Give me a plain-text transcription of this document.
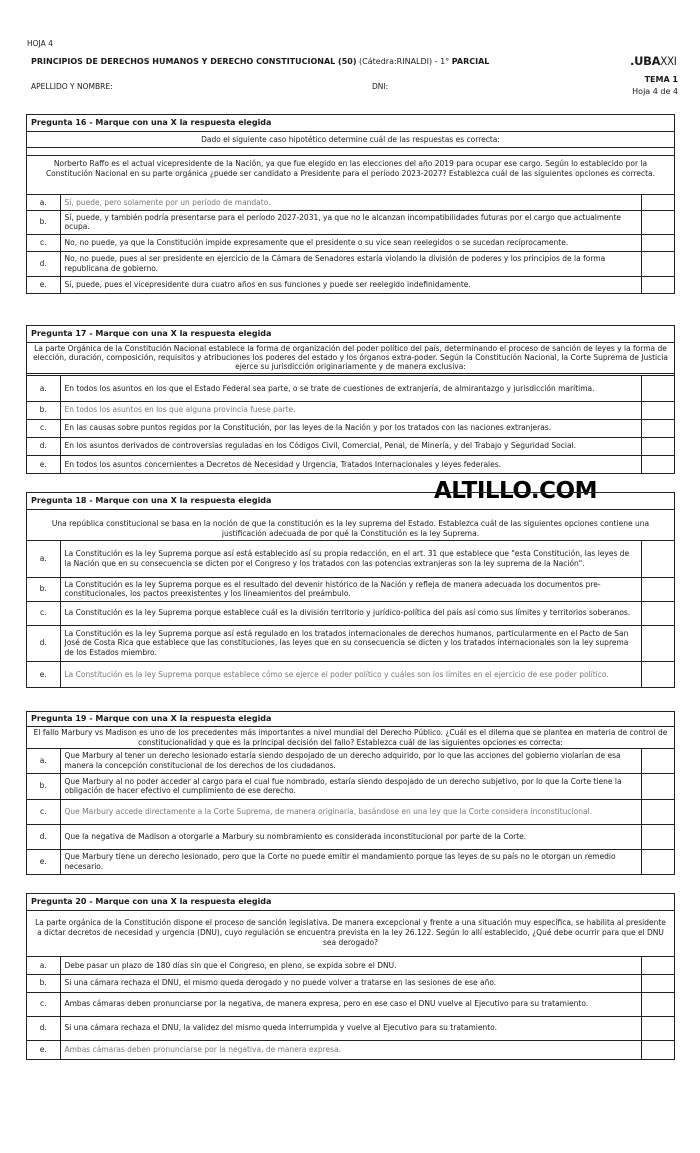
HOJA 4
PRINCIPIOS DE DERECHOS HUMANOS Y DERECHO CONSTITUCIONAL (50) (Cátedra:RINALDI) - 1° PARCIAL	.UBAXXI
TEMA 1
Hoja 4 de 4
APELLIDO Y NOMBRE:	DNI:
Pregunta 16 - Marque con una X la respuesta elegida
Dado el siguiente caso hipotético determine cuál de las respuestas es correcta:
Norberto Raffo es el actual vicepresidente de la Nación, ya que fue elegido en las elecciones del año 2019 para ocupar ese cargo. Según lo establecido por la Constitución Nacional en su parte orgánica ¿puede ser candidato a Presidente para el período 2023-2027? Establezca cuál de las siguientes opciones es correcta.
a.	Sí, puede, pero solamente por un período de mandato.	
b.	Sí, puede, y también podría presentarse para el período 2027-2031, ya que no le alcanzan incompatibilidades futuras por el cargo que actualmente ocupa.	
c.	No, no puede, ya que la Constitución impide expresamente que el presidente o su vice sean reelegidos o se sucedan recíprocamente.	
d.	No, no puede, pues al ser presidente en ejercicio de la Cámara de Senadores estaría violando la división de poderes y los principios de la forma republicana de gobierno.	
e.	Sí, puede, pues el vicepresidente dura cuatro años en sus funciones y puede ser reelegido indefinidamente.	
Pregunta 17 - Marque con una X la respuesta elegida
La parte Orgánica de la Constitución Nacional establece la forma de organización del poder político del país, determinando el proceso de sanción de leyes y la forma de elección, duración, composición, requisitos y atribuciones los poderes del estado y los órganos extra-poder. Según la Constitución Nacional, la Corte Suprema de Justicia ejerce su jurisdicción originariamente y de manera exclusiva:
a.	En todos los asuntos en los que el Estado Federal sea parte, o se trate de cuestiones de extranjería, de almirantazgo y jurisdicción marítima.	
b.	En todos los asuntos en los que alguna provincia fuese parte.	
c.	En las causas sobre puntos regidos por la Constitución, por las leyes de la Nación y por los tratados con las naciones extranjeras.	
d.	En los asuntos derivados de controversias reguladas en los Códigos Civil, Comercial, Penal, de Minería, y del Trabajo y Seguridad Social.	
e.	En todos los asuntos concernientes a Decretos de Necesidad y Urgencia, Tratados Internacionales y leyes federales.	
ALTILLO.COM
Pregunta 18 - Marque con una X la respuesta elegida
Una república constitucional se basa en la noción de que la constitución es la ley suprema del Estado. Establezca cuál de las siguientes opciones contiene una justificación adecuada de por qué la Constitución es la ley Suprema.
a.	La Constitución es la ley Suprema porque así está establecido así su propia redacción, en el art. 31 que establece que "esta Constitución, las leyes de la Nación que en su consecuencia se dicten por el Congreso y los tratados con las potencias extranjeras son la ley suprema de la Nación".	
b.	La Constitución es la ley Suprema porque es el resultado del devenir histórico de la Nación y refleja de manera adecuada los documentos pre-constitucionales, los pactos preexistentes y los lineamientos del preámbulo.	
c.	La Constitución es la ley Suprema porque establece cuál es la división territorio y jurídico-política del país así como sus límites y territorios soberanos.	
d.	La Constitución es la ley Suprema porque así está regulado en los tratados internacionales de derechos humanos, particularmente en el Pacto de San José de Costa Rica que establece que las constituciones, las leyes que en su consecuencia se dicten y los tratados internacionales son la ley suprema de los Estados miembro.	
e.	La Constitución es la ley Suprema porque establece cómo se ejerce el poder político y cuáles son los límites en el ejercicio de ese poder político.	
Pregunta 19 - Marque con una X la respuesta elegida
El fallo Marbury vs Madison es uno de los precedentes más importantes a nivel mundial del Derecho Público. ¿Cuál es el dilema que se plantea en materia de control de constitucionalidad y que es la principal decisión del fallo? Establezca cuál de las siguientes opciones es correcta:
a.	Que Marbury al tener un derecho lesionado estaría siendo despojado de un derecho adquirido, por lo que las acciones del gobierno violarían de esa manera la concepción constitucional de los derechos de los ciudadanos.	
b.	Que Marbury al no poder acceder al cargo para el cual fue nombrado, estaría siendo despojado de un derecho subjetivo, por lo que la Corte tiene la obligación de hacer efectivo el cumplimiento de ese derecho.	
c.	Que Marbury accede directamente a la Corte Suprema, de manera originaria, basándose en una ley que la Corte considera inconstitucional.	
d.	Que la negativa de Madison a otorgarle a Marbury su nombramiento es considerada inconstitucional por parte de la Corte.	
e.	Que Marbury tiene un derecho lesionado, pero que la Corte no puede emitir el mandamiento porque las leyes de su país no le otorgan un remedio necesario.	
Pregunta 20 - Marque con una X la respuesta elegida
La parte orgánica de la Constitución dispone el proceso de sanción legislativa. De manera excepcional y frente a una situación muy específica, se habilita al presidente a dictar decretos de necesidad y urgencia (DNU), cuyo regulación se encuentra prevista en la ley 26.122. Según lo allí establecido, ¿Qué debe ocurrir para que el DNU sea derogado?
a.	Debe pasar un plazo de 180 días sin que el Congreso, en pleno, se expida sobre el DNU.	
b.	Si una cámara rechaza el DNU, el mismo queda derogado y no puede volver a tratarse en las sesiones de ese año.	
c.	Ambas cámaras deben pronunciarse por la negativa, de manera expresa, pero en ese caso el DNU vuelve al Ejecutivo para su tratamiento.	
d.	Si una cámara rechaza el DNU, la validez del mismo queda interrumpida y vuelve al Ejecutivo para su tratamiento.	
e.	Ambas cámaras deben pronunciarse por la negativa, de manera expresa.	
